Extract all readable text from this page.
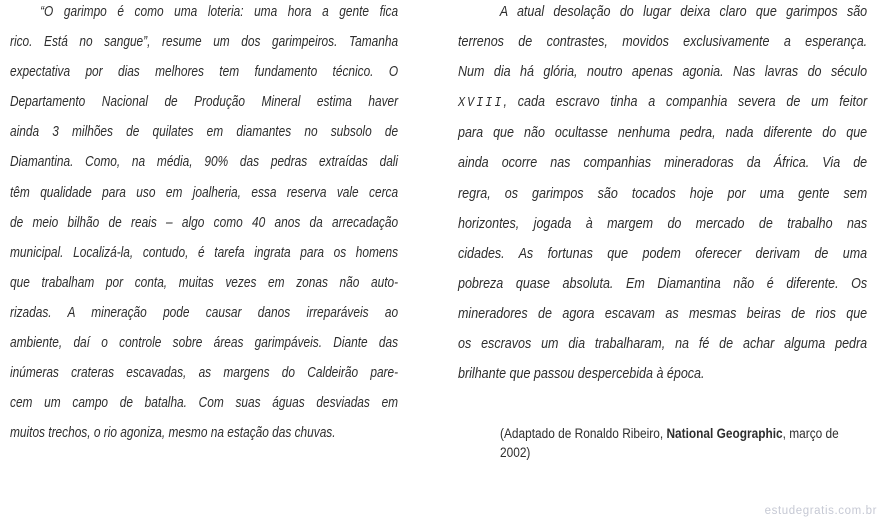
“O garimpo é como uma loteria: uma hora a gente fica
rico. Está no sangue”, resume um dos garimpeiros. Tamanha
expectativa por dias melhores tem fundamento técnico. O
Departamento Nacional de Produção Mineral estima haver
ainda 3 milhões de quilates em diamantes no subsolo de
Diamantina. Como, na média, 90% das pedras extraídas dali
têm qualidade para uso em joalheria, essa reserva vale cerca
de meio bilhão de reais – algo como 40 anos da arrecadação
municipal. Localizá-la, contudo, é tarefa ingrata para os homens
que trabalham por conta, muitas vezes em zonas não auto-
rizadas. A mineração pode causar danos irreparáveis ao
ambiente, daí o controle sobre áreas garimpáveis. Diante das
inúmeras crateras escavadas, as margens do Caldeirão pare-
cem um campo de batalha. Com suas águas desviadas em
muitos trechos, o rio agoniza, mesmo na estação das chuvas.
A atual desolação do lugar deixa claro que garimpos são
terrenos de contrastes, movidos exclusivamente a esperança.
Num dia há glória, noutro apenas agonia. Nas lavras do século
XVIII, cada escravo tinha a companhia severa de um feitor
para que não ocultasse nenhuma pedra, nada diferente do que
ainda ocorre nas companhias mineradoras da África. Via de
regra, os garimpos são tocados hoje por uma gente sem
horizontes, jogada à margem do mercado de trabalho nas
cidades. As fortunas que podem oferecer derivam de uma
pobreza quase absoluta. Em Diamantina não é diferente. Os
mineradores de agora escavam as mesmas beiras de rios que
os escravos um dia trabalharam, na fé de achar alguma pedra
brilhante que passou despercebida à época.
(Adaptado de Ronaldo Ribeiro, National Geographic, março de
2002)
estudegratis.com.br
